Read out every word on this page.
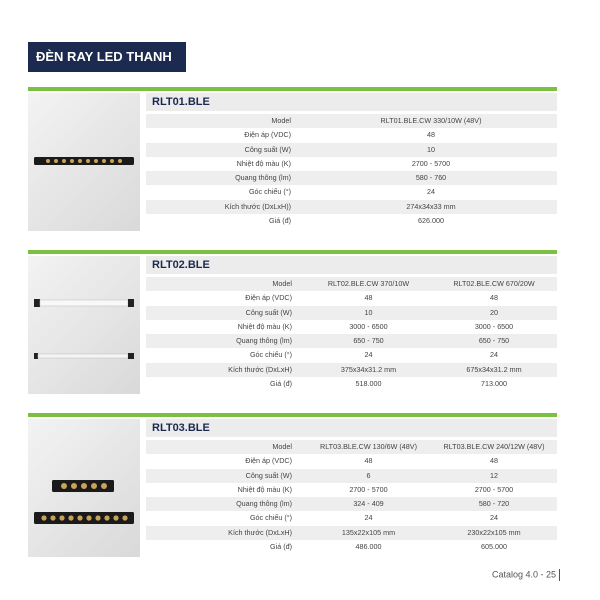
ĐÈN RAY LED THANH
RLT01.BLE
Model	RLT01.BLE.CW 330/10W (48V)
Điện áp (VDC)	48
Công suất (W)	10
Nhiệt độ màu (K)	2700 - 5700
Quang thông (lm)	580 - 760
Góc chiếu (°)	24
Kích thước (DxLxH))	274x34x33 mm
Giá (đ)	626.000
RLT02.BLE
Model	RLT02.BLE.CW 370/10W	RLT02.BLE.CW 670/20W
Điện áp (VDC)	48	48
Công suất (W)	10	20
Nhiệt độ màu (K)	3000 - 6500	3000 - 6500
Quang thông (lm)	650 - 750	650 - 750
Góc chiếu (°)	24	24
Kích thước (DxLxH)	375x34x31.2 mm	675x34x31.2 mm
Giá (đ)	518.000	713.000
RLT03.BLE
Model	RLT03.BLE.CW 130/6W (48V)	RLT03.BLE.CW 240/12W (48V)
Điện áp (VDC)	48	48
Công suất (W)	6	12
Nhiệt độ màu (K)	2700 - 5700	2700 - 5700
Quang thông (lm)	324 - 409	580 - 720
Góc chiếu (°)	24	24
Kích thước (DxLxH)	135x22x105 mm	230x22x105 mm
Giá (đ)	486.000	605.000
Catalog 4.0 - 25
